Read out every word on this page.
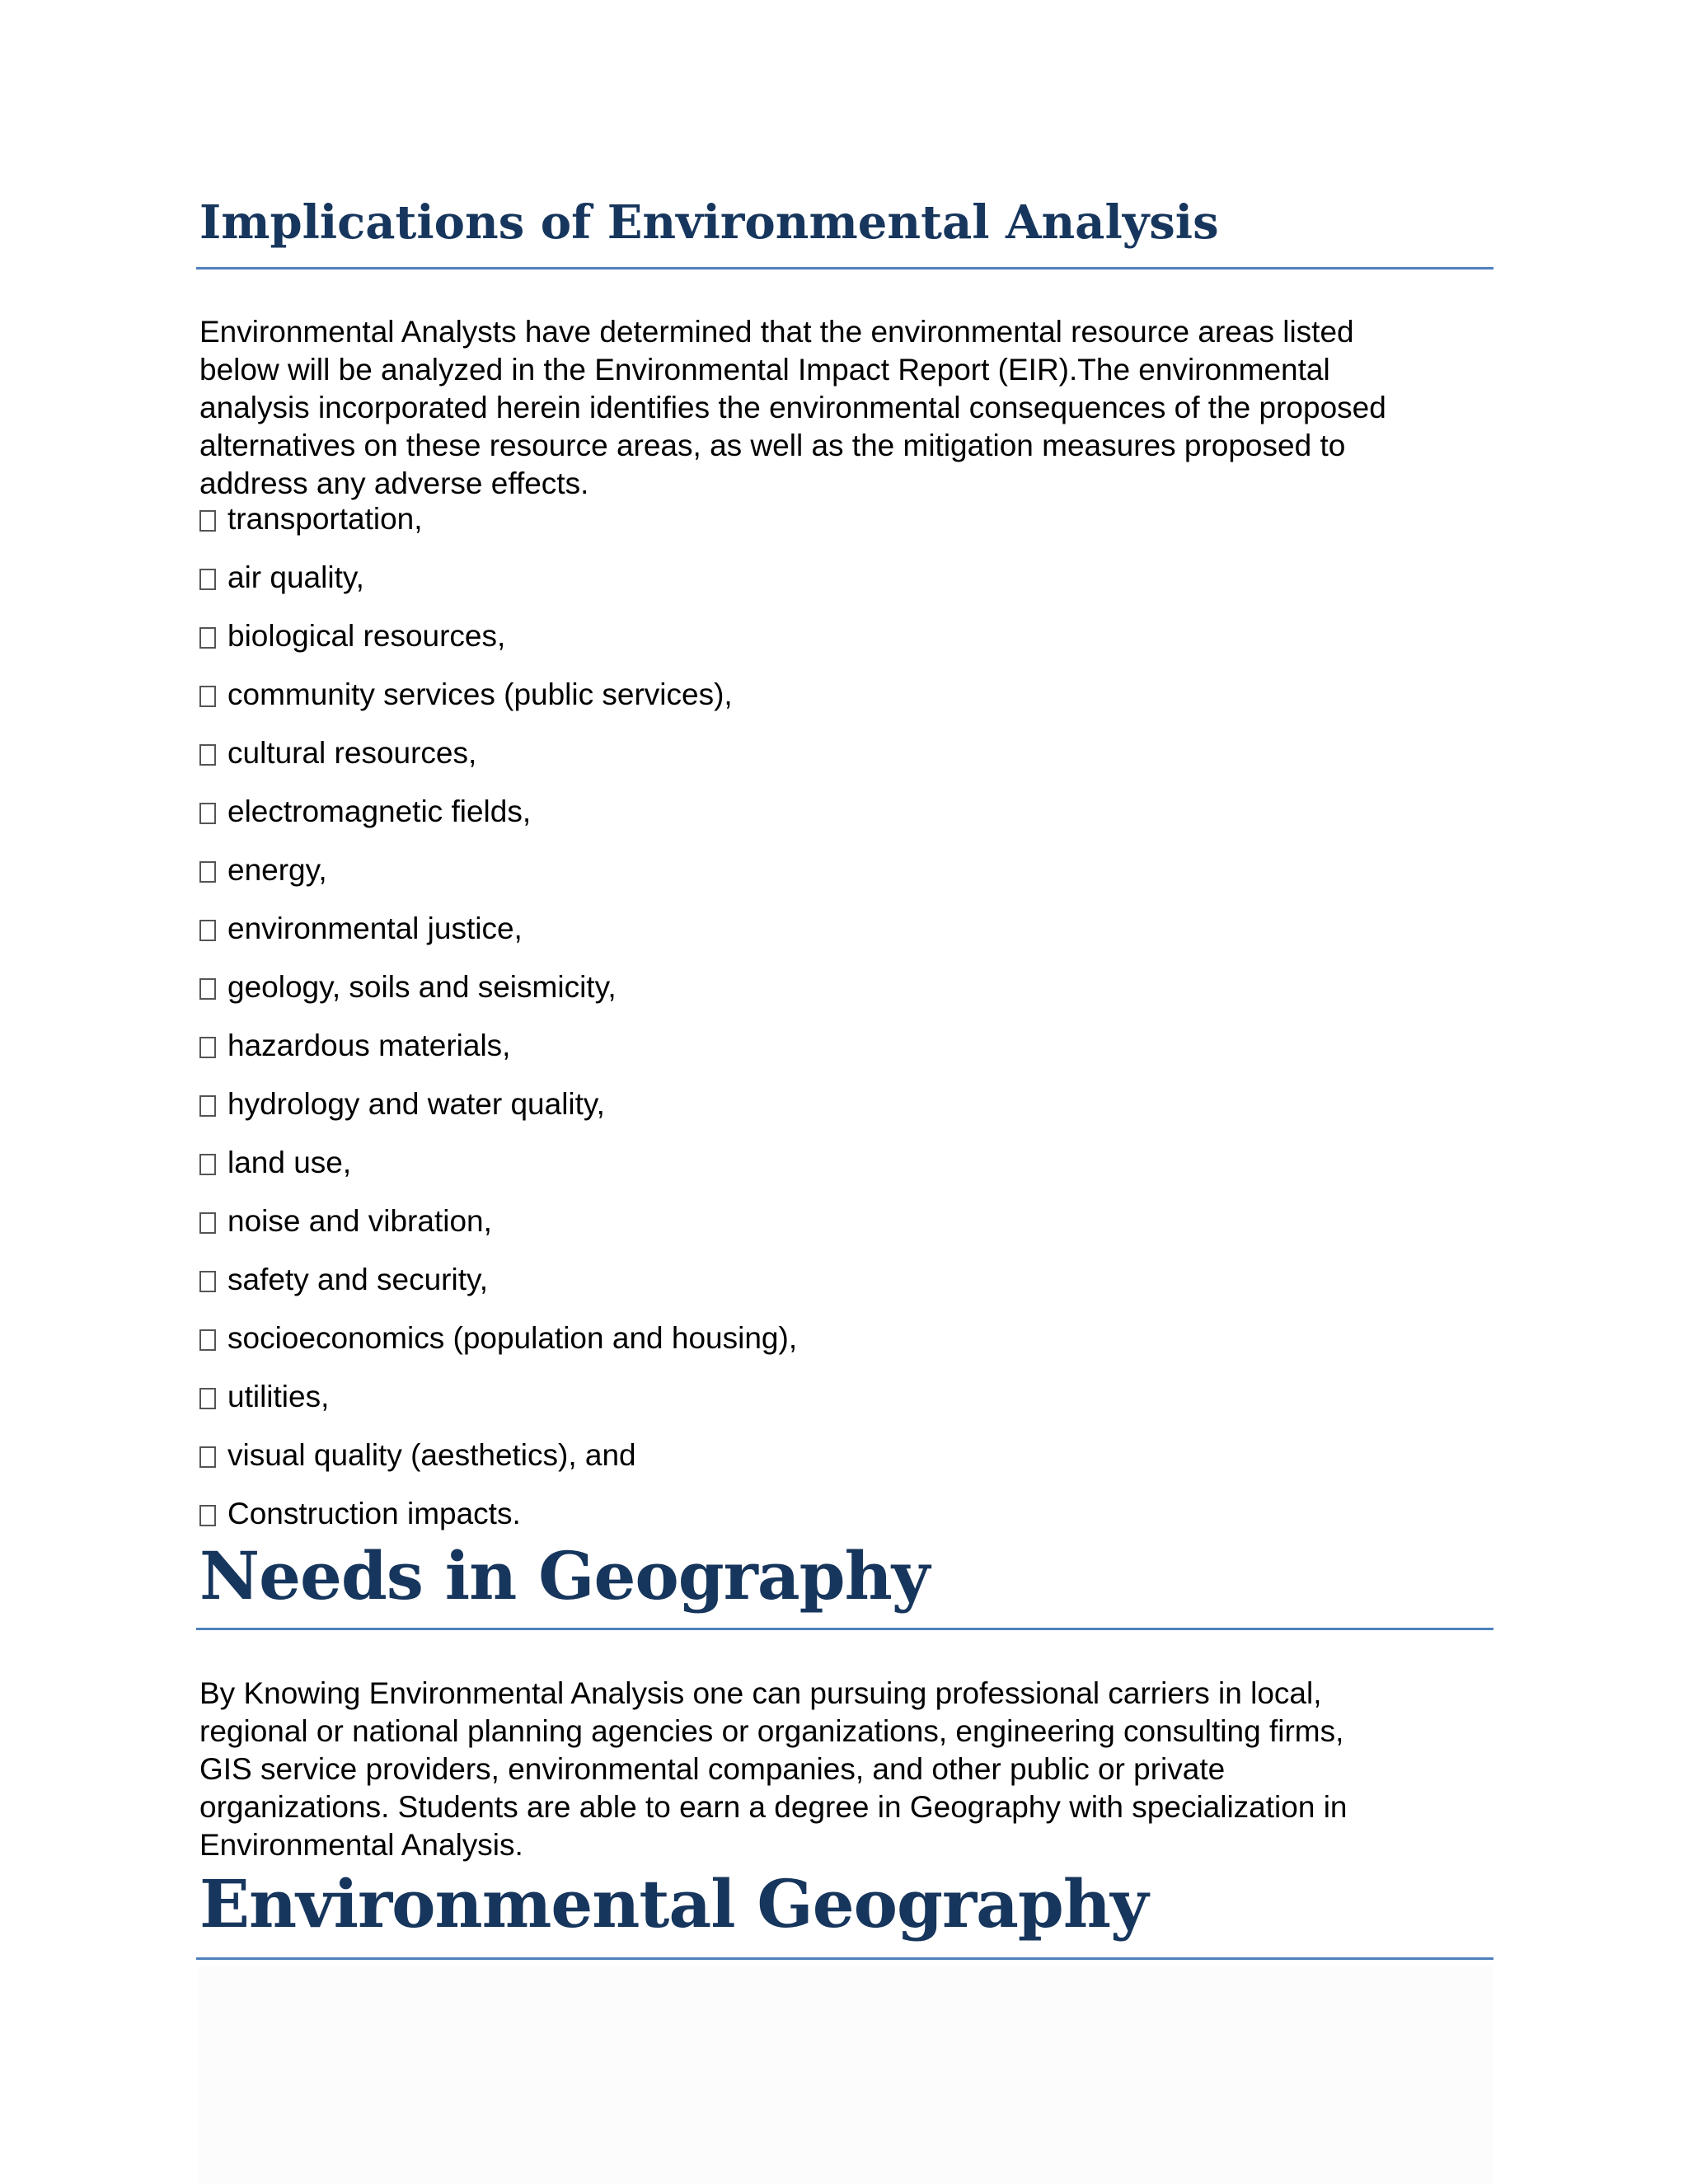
Implications of Environmental Analysis
Environmental Analysts have determined that the environmental resource areas listed
below will be analyzed in the Environmental Impact Report (EIR).The environmental
analysis incorporated herein identifies the environmental consequences of the proposed
alternatives on these resource areas, as well as the mitigation measures proposed to
address any adverse effects.
transportation,
air quality,
biological resources,
community services (public services),
cultural resources,
electromagnetic fields,
energy,
environmental justice,
geology, soils and seismicity,
hazardous materials,
hydrology and water quality,
land use,
noise and vibration,
safety and security,
socioeconomics (population and housing),
utilities,
visual quality (aesthetics), and
Construction impacts.
Needs in Geography
By Knowing Environmental Analysis one can pursuing professional carriers in local,
regional or national planning agencies or organizations, engineering consulting firms,
GIS service providers, environmental companies, and other public or private
organizations. Students are able to earn a degree in Geography with specialization in
Environmental Analysis.
Environmental Geography
